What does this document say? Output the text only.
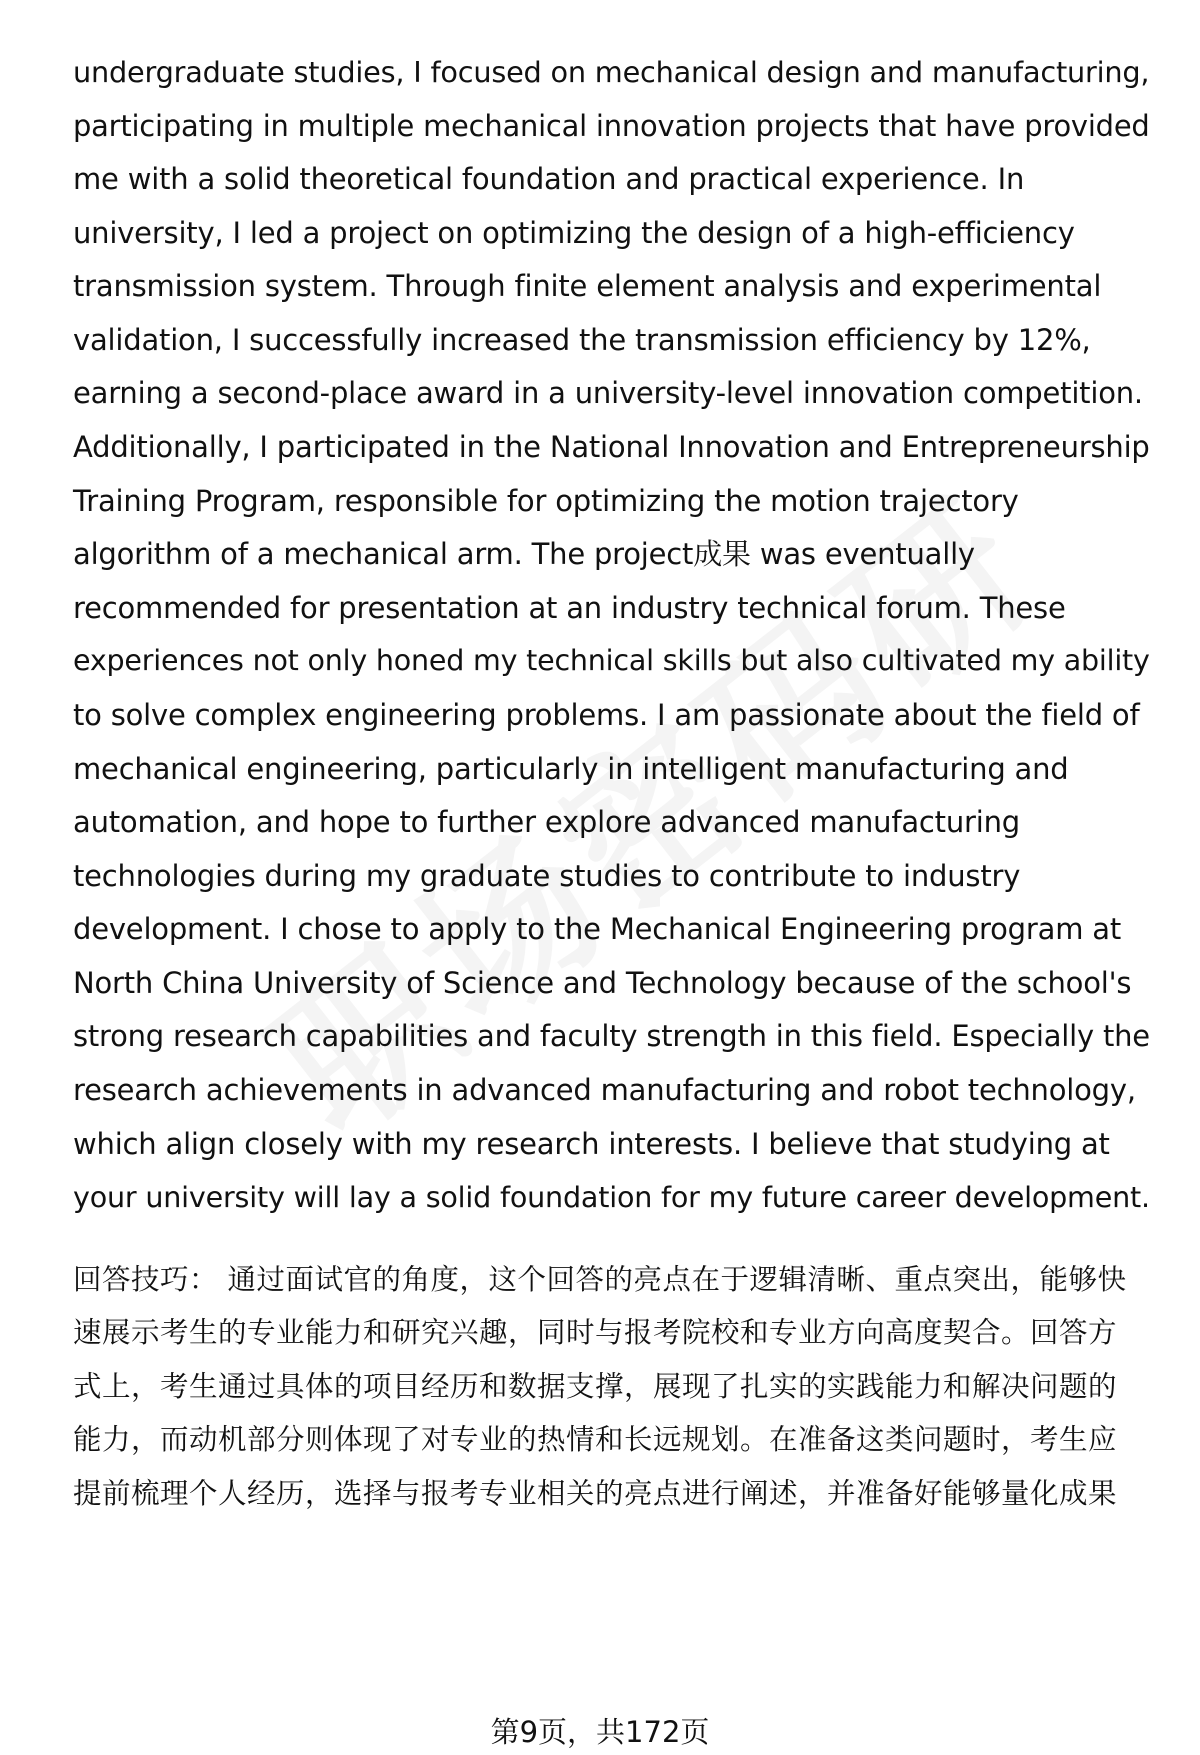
undergraduate studies, I focused on mechanical design and manufacturing,
participating in multiple mechanical innovation projects that have provided
me with a solid theoretical foundation and practical experience. In
university, I led a project on optimizing the design of a high-efficiency
transmission system. Through finite element analysis and experimental
validation, I successfully increased the transmission efficiency by 12%,
earning a second-place award in a university-level innovation competition.
Additionally, I participated in the National Innovation and Entrepreneurship
Training Program, responsible for optimizing the motion trajectory
algorithm of a mechanical arm. The project成果 was eventually
recommended for presentation at an industry technical forum. These
experiences not only honed my technical skills but also cultivated my ability
to solve complex engineering problems. I am passionate about the field of
mechanical engineering, particularly in intelligent manufacturing and
automation, and hope to further explore advanced manufacturing
technologies during my graduate studies to contribute to industry
development. I chose to apply to the Mechanical Engineering program at
North China University of Science and Technology because of the school's
strong research capabilities and faculty strength in this field. Especially the
research achievements in advanced manufacturing and robot technology,
which align closely with my research interests. I believe that studying at
your university will lay a solid foundation for my future career development.
回答技巧： 通过面试官的角度，这个回答的亮点在于逻辑清晰、重点突出，能够快
速展示考生的专业能力和研究兴趣，同时与报考院校和专业方向高度契合。回答方
式上，考生通过具体的项目经历和数据支撑，展现了扎实的实践能力和解决问题的
能力，而动机部分则体现了对专业的热情和长远规划。在准备这类问题时，考生应
提前梳理个人经历，选择与报考专业相关的亮点进行阐述，并准备好能够量化成果
第9页，共172页
